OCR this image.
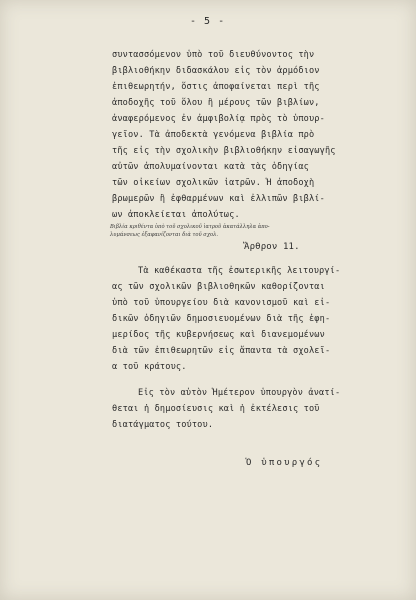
- 5 -
συντασσόμενον ὑπὸ τοῦ διευθύνοντος τὴν
βιβλιοθήκην διδασκάλου εἰς τὸν ἁρμόδιον
ἐπιθεωρητήν, ὅστις ἀποφαίνεται περὶ τῆς
ἀποδοχῆς τοῦ ὅλου ἢ μέρους τῶν βιβλίων,
ἀναφερόμενος ἐν ἀμφιβολίᾳ πρὸς τὸ ὑπουρ-
γεῖον. Τὰ ἀποδεκτὰ γενόμενα βιβλία πρὸ
τῆς εἰς τὴν σχολικὴν βιβλιοθήκην εἰσαγωγῆς
αὐτῶν ἀπολυμαίνονται κατὰ τὰς ὁδηγίας
τῶν οἰκείων σχολικῶν ἰατρῶν. Ἡ ἀποδοχὴ
βρωμερῶν ἢ ἐφθαρμένων καὶ ἐλλιπῶν βιβλί-
ων ἀποκλείεται ἀπολύτως.
Βιβλία κριθέντα ὑπὸ τοῦ σχολικοῦ ἰατροῦ ἀκατάλληλα ἀπο-
λυμάνσεως ἐξαφανίζονται διὰ τοῦ σχολ.
Ἄρθρον 11.
Τὰ καθέκαστα τῆς ἐσωτερικῆς λειτουργί-
ας τῶν σχολικῶν βιβλιοθηκῶν καθορίζονται
ὑπὸ τοῦ ὑπουργείου διὰ κανονισμοῦ καὶ εἰ-
δικῶν ὁδηγιῶν δημοσιευομένων διὰ τῆς ἐφη-
μερίδος τῆς κυβερνήσεως καὶ διανεμομένων
διὰ τῶν ἐπιθεωρητῶν εἰς ἅπαντα τὰ σχολεῖ-
α τοῦ κράτους.
Εἰς τὸν αὐτὸν Ἡμέτερον ὑπουργὸν ἀνατί-
θεται ἡ δημοσίευσις καὶ ἡ ἐκτέλεσις τοῦ
διατάγματος τούτου.
Ὁ ὑπουργός
